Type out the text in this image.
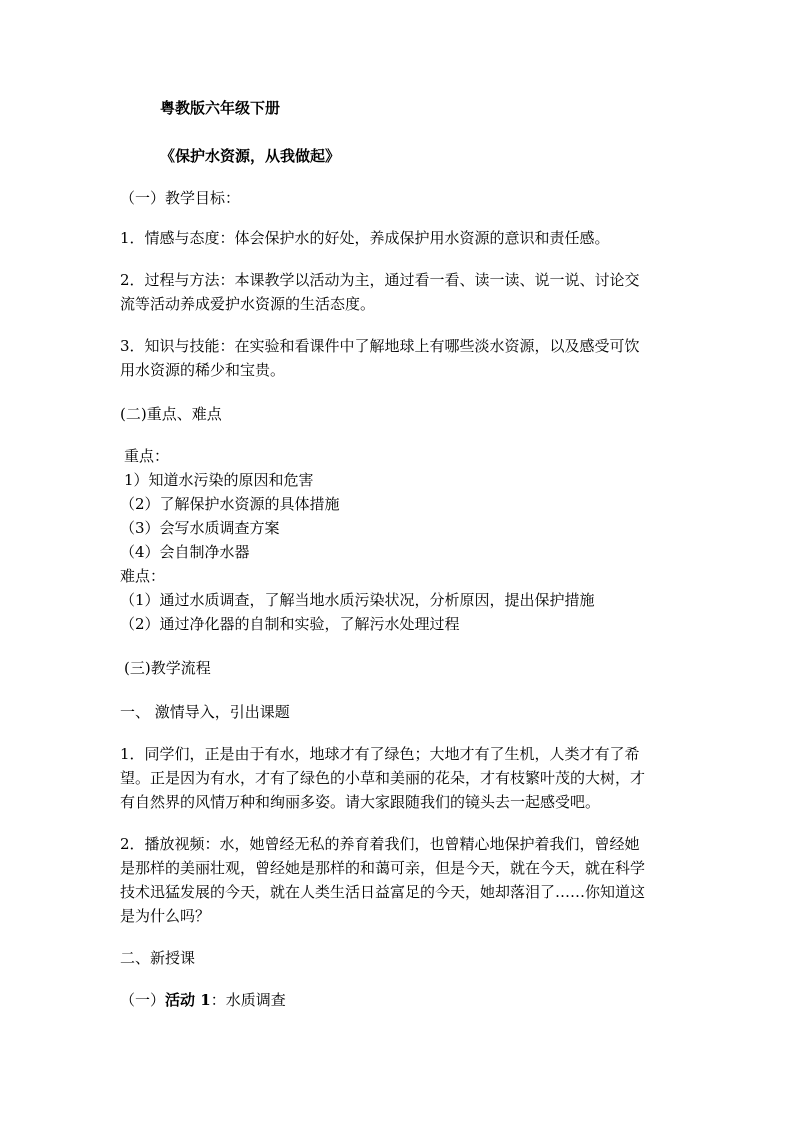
粤教版六年级下册
《保护水资源，从我做起》
（一）教学目标：
1．情感与态度：体会保护水的好处，养成保护用水资源的意识和责任感。
2．过程与方法：本课教学以活动为主，通过看一看、读一读、说一说、讨论交
流等活动养成爱护水资源的生活态度。
3．知识与技能：在实验和看课件中了解地球上有哪些淡水资源，以及感受可饮
用水资源的稀少和宝贵。
(二)重点、难点
重点：
1）知道水污染的原因和危害
（2）了解保护水资源的具体措施
（3）会写水质调查方案
（4）会自制净水器
难点：
（1）通过水质调查，了解当地水质污染状况，分析原因，提出保护措施
（2）通过净化器的自制和实验，了解污水处理过程
(三)教学流程
一、 激情导入，引出课题
1．同学们，正是由于有水，地球才有了绿色；大地才有了生机，人类才有了希
望。正是因为有水，才有了绿色的小草和美丽的花朵，才有枝繁叶茂的大树，才
有自然界的风情万种和绚丽多姿。请大家跟随我们的镜头去一起感受吧。
2．播放视频：水，她曾经无私的养育着我们，也曾精心地保护着我们，曾经她
是那样的美丽壮观，曾经她是那样的和蔼可亲，但是今天，就在今天，就在科学
技术迅猛发展的今天，就在人类生活日益富足的今天，她却落泪了……你知道这
是为什么吗？
二、新授课
（一）活动 1：水质调查
